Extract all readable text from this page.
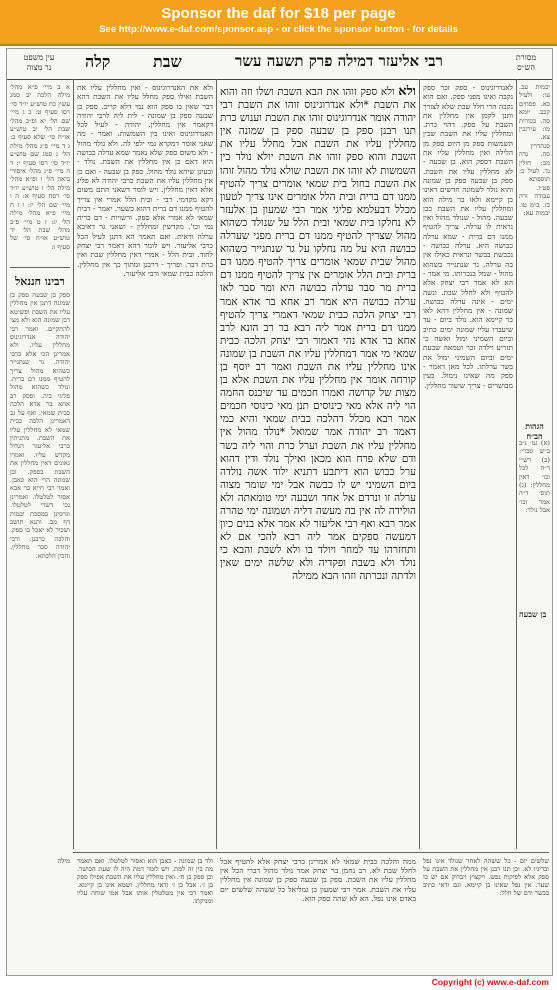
Sponsor the daf for $18 per page
See http://www.e-daf.com/sponsor.asp - or click the sponsor button - for details
עין משפט
נר מצוה	קלה	שבת	רבי אליעזר דמילה פרק תשעה עשר	מסורת
הש״ס

א ב מיי׳ פ״א מהל׳ מילה הלכה יב סמג עשין כח טוש״ע יו״ד סי׳ רסו סעיף ט: ב ג מיי׳ שם הל׳ יא ופ״ב מהל׳ שבת הל׳ יב טוש״ע או״ח סי׳ שלא סעיף ב: ג ד מיי׳ פ״ג מהל׳ מילה הל׳ ג סמג שם טוש״ע יו״ד סי׳ רסו סעיף י: ד ה מיי׳ פ״ג מהל׳ איסורי ביאה הל׳ ז ופ״א מהל׳ מילה הל׳ ז טוש״ע יו״ד סי׳ רסח סעיף א: ה ו מיי׳ שם הל׳ יז: ו ז ח מיי׳ פ״א מהל׳ מילה הל׳ יג: ז ט מיי׳ פ״ב מהל׳ שבת הל׳ יד טוש״ע או״ח סי׳ של סעיף ז:

רבינו חננאל

ספק בן שבעה ספק בן שמונה דתנן אין מחללין עליו את השבת ופשיטא דבן שמונה הוא ולא מצי להתקיים. ואמר רבי יהודה אנדרוגינוס מחללין עליו. ולא אמרינן הכי אלא כרבי יהודה. גר שנתגייר כשהוא מהול צריך להטיף ממנו דם ברית. ונולד כשהוא מהול פליגי ביה. ופסק רב אחא בר אדא הלכה כבית שמאי. ואף על גב דאמרינן הלכה כבית שמאי לא מחללין עליו את השבת. מתניתין כרבי אליעזר הגדול מקדש עליו. ואמרו גאונים דאין מחללין את השבת בספק. ובן שמונה הרי הוא כאבן. ואמר רבי חייא בר אבא אסור לטלטלו. ואמרינן נכי דשרי לטלטלו. וגרסינן במסכת יבמות דף מב. ותנא תושב ושכיר לא יאכל בו ספק. והלכה כרבנן. ורבי יהודה סבר מחללין. והכין הלכתא.

ולא את האנדרוגינוס - ואין מחללין עליו את השבת ואילו ספק מחלל עליו את השבת דהא דבר שאין בו ספק הוא נמי דלא קריב. ספק בן שבעה ספק בן שמונה - לית ליה לרבי יהודה דקאמר אין מחללין. יהודה - לעיל לכל האנדרוגינוס ואינו בין השמשות. ואמר - מה שאני אומר דמקרא נמי ילפי לה. ולא נולד מהול - ולא משום ספק שלא נאמר שמא ערלה כבושה היא דאם כן אין מחללין את השבת. נולד - ובעינן שיהא נולד מהול. ספק בן שבעה - ואם כן אין מחללין עליו את השבת כרבי יהודה לא פליג אלא דאין מחללין. ויש לומר דשאני התם משום דקא מקדמי. רבי - ובית הלל אמרי אין צריך להטיף ממנו דם ברית דהוא כשער. יאמר - דבית שמאי לא אמרי אלא ספק. ורשויות - דם ברית נמי וכו'. מקדשין ומחללין - ושאני גר דאיכא ערלה ודאית. ואם תאמר הא דתנן לעיל הכל כרבי אליעזר. ויש לומר דהא דאמר רבי יצחק לחוד. ובית הלל - אמרי דאין מחללין שבת ואין כרת דבר. ופריך - דרבנן ומתוך כך אין מחללין. והלכה כבית שמאי ורבי אליעזר.

ולא ולא ספק זוהו את הבא השבת ושלו וזה והוא את השבת *ולא אנדרוגינוס זוהו את השבת רבי יהודה אומר אנדרוגינוס זוהו את השבת וענוש כרת תנו רבנן ספק בן שבעה ספק בן שמונה אין מחללין עליו את השבת אבל מחלל עליו את השבת והוא ספק זוהו את השבת יולא נולד בין השמשות לא זוהו את השבת שולא נולד מהול זוהו את השבת בחול בית שמאי אומרים צריך להטיף ממנו דם ברית ובית הלל אומרים אינו צריך לטעון מכלל דבעלמא פליגי אמר רבי שמעון בן אלעזר לא נחלקו בית שמאי ובית הלל על שנולד כשהוא מהול שצריך להטיף ממנו דם ברית מפני שערלה כבושה היא על מה נחלקו על גר שנתגייר כשהוא מהול שבית שמאי אומרים צריך להטיף ממנו דם ברית ובית הלל אומרים אין צריך להטיף ממנו דם ברית מר סבר ערלה כבושה היא ומר סבר לאו ערלה כבושה היא אמר רב אחא בר אדא אמר רבי יצחק הלכה כבית שמאי דאמרי צריך להטיף ממנו דם ברית אמר ליה רבא בר רב הונא לרב אחא בר אדא נהי דאמור רבי יצחק הלכה כבית שמאי מי אמר דמחללין עליו את השבת בן שמונה אינו מחללין עליו את השבת ואמר רב יוסף בן קורחה אומר אין מחללין עליו את השבת אלא בן מצות של קדושה ואמרו חכמים עד שיכנס החמה הוי ליה אלא מאי כינוסים תנן מאי כינוסי חכמים אמר רבא מכלל דהלכה כבית שמאי והיא כמי דאמר רב יהודה אמר שמואל *נולד מהול אין מחללין עליו את השבת וערל כרת והוי ליה בשר ודם שלא פרח הוא מכאן ואילך נולד ודין דהוא ערל כבוש הוא דיתבע דתניא ילוד אשה נולדה ביום השמיני יש לו כבשה אבל ימי שומר מצוה ערלה זו ונרדם אל אחד ושבעה ימי טומאתה ולא הולידה לה אין בה מעשה דליה ושמונה ימי טהרה אמר רבא ואף רבי אליעזר לא אמר אלא בנים כיון דמעשה ספקים אמר ליה רבא להכי אם לא ותחזרהו עד למחר ויולד בו ולא לשבת והבא כי נולד ולא בשבת ופקדיה ולא שלשה ימים שאין ולדתה ונכרתה וזהו הבא ממילה

לאנדרוגינוס - ספק זכר ספק נקבה ואינו מפני ספק. ואם הוא נקבה הרי חלל שבת שלא לצורך ותנן לקמן אין מחללין את השבת על ספק. דהוי כרת. ומחללין עליו את השבת שבין השמשות ספק מן היום ספק מן הלילה ואין מחללין עליו את השבת דספק הוא. בן שבעה - לא מחללין עליו את השבת. ספק בן שבעה ספק בן שמונה והוא נולד לשמונה חדשים דאינו בן קיימא ולאו בר מילה הוא ומחללין עליו את השבת כבן שבעה. מהול - שנולד מהול ואין נראית לו ערלה. צריך להטיף ממנו דם ברית - שמא ערלה כבושה היא. ערלה כבושה - נכבשת בבשר ונראית כאילו אין בה ערלה. גר שנתגייר כשהוא מהול - שמל בנכרותו. מי אמר - הא לא אמר רבי יצחק אלא להטיף ולא לחלל שבת. ונשה ימים - אינה ערלה כבושה. שמונה - אין מחללין דהא לאו בר קיימא הוא. נולד ביום - עד שיעברו עליו שמונה ימים כתיב וביום השמיני ימול ואשה כי תזריע וילדה זכר וטמאה שבעת ימים וביום השמיני ימול את בשר ערלתו. לכל מאן דאמר - ספק מה שאינו נימול. בעין מבושרים - צריך שיעור מחללין.

יבמות עב. עו: ולעיל כא. פסחים קכב. יומא סה. בכורות מו: עירובין צא. סנהדרין סה. נדה מב: חולין נד. לעיל כ: תוספתא פט״ז. עבודה זרה כז. ב״מ טו. יבמות עא:

הגהות הב״ח

(א) גמ׳ נ״ב ב״ש סברי: (ב) רש״י ד״ה לכל וכו׳ דאין מחללין: (ג) תוס׳ ד״ה אמר וכו׳ אבל נולד:

בן שבעה

ולד בן שמונה - כאבן הוא ואסור לטלטלו. ואם תאמר מה בין זה למת. ויש לומר דמת היה לו שעת הכושר. וכן ספק בן ח׳. ואין מחללין עליו את השבת אפילו ספק בן ז׳. אבל בן ז׳ ודאי מחללין. ושמא אינו בן קיימא. ואמר רבי אין מטלטלין אותו אבל אמו שוחה עליו ומניקתו.

ממה והלכה כבית שמאי לא אמרינן כרבי יצחק אלא להטיף אבל לחלל שבת לא. רב נחמן בר יצחק אמר נולד מהול דברי הכל אין מחללין עליו את השבת. ספק בן שבעה ספק בן שמונה אין מחללין עליו את השבת. אמר רבי שמעון בן גמליאל כל ששהה שלשים יום באדם אינו נפל. הא לא שהה ספק הוא.

שלשים יום - כל ששהה לאחר שנולד אינו נפל ובדיניו לא. וכן תנו רבנן אין מחללין את השבת על ספק אלא לפיקוח נפש. ויקצוץ ויבדוק אם יש בו שער. אין נפל שאינו בן קיימא. וגם ודאי כתיב בבשר ודם של חלל:

מילה

Copyright (c) www.e-daf.com
